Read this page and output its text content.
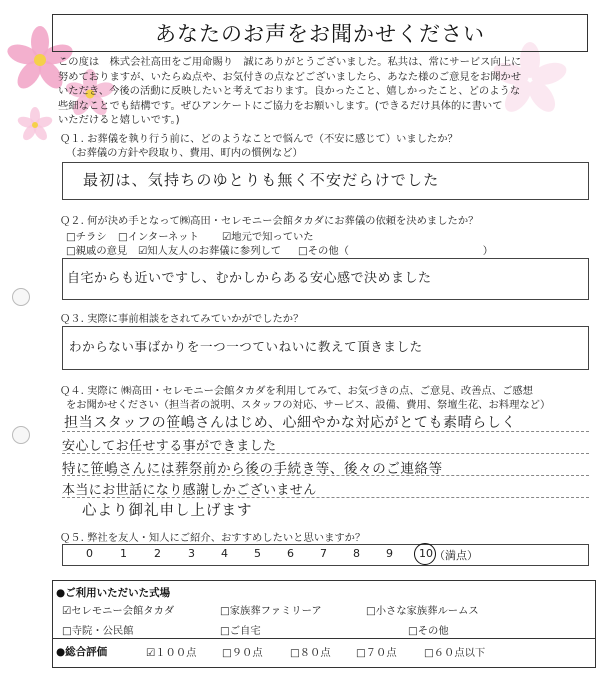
あなたのお声をお聞かせください
この度は　株式会社高田をご用命賜り　誠にありがとうございました。私共は、常にサービス向上に
努めておりますが、いたらぬ点や、お気付きの点などございましたら、あなた様のご意見をお聞かせ
いただき、今後の活動に反映したいと考えております。良かったこと、嬉しかったこと、どのような
些細なことでも結構です。ぜひアンケートにご協力をお願いします。(できるだけ具体的に書いて
いただけると嬉しいです。)
Ｑ１. お葬儀を執り行う前に、どのようなことで悩んで（不安に感じて）いましたか？
（お葬儀の方針や段取り、費用、町内の慣例など）
最初は、気持ちのゆとりも無く不安だらけでした
Ｑ２. 何が決め手となって㈱高田・セレモニー会館タカダにお葬儀の依頼を決めましたか？
□チラシ □インターネット ☑地元で知っていた
□親戚の意見 ☑知人友人のお葬儀に参列して □その他（　　　　　　　　　　　　　）
自宅からも近いですし、むかしからある安心感で決めました
Ｑ３. 実際に事前相談をされてみていかがでしたか？
わからない事ばかりを一つ一つていねいに教えて頂きました
Ｑ４. 実際に ㈱高田・セレモニー会館タカダを利用してみて、お気づきの点、ご意見、改善点、ご感想
をお聞かせください（担当者の説明、スタッフの対応、サービス、設備、費用、祭壇生花、お料理など）
担当スタッフの笹嶋さんはじめ、心細やかな対応がとても素晴らしく
安心してお任せする事ができました
特に笹嶋さんには葬祭前から後の手続き等、後々のご連絡等
本当にお世話になり感謝しかございません
心より御礼申し上げます
Ｑ５. 弊社を友人・知人にご紹介、おすすめしたいと思いますか？
0 1 2 3 4 5 6 7 8 9 10 （満点）
●ご利用いただいた式場
☑セレモニー会館タカダ	□家族葬ファミリーア	□小さな家族葬ルームス
□寺院・公民館	□ご自宅	□その他
●総合評価	☑１００点 □９０点	□８０点 □７０点	□６０点以下
